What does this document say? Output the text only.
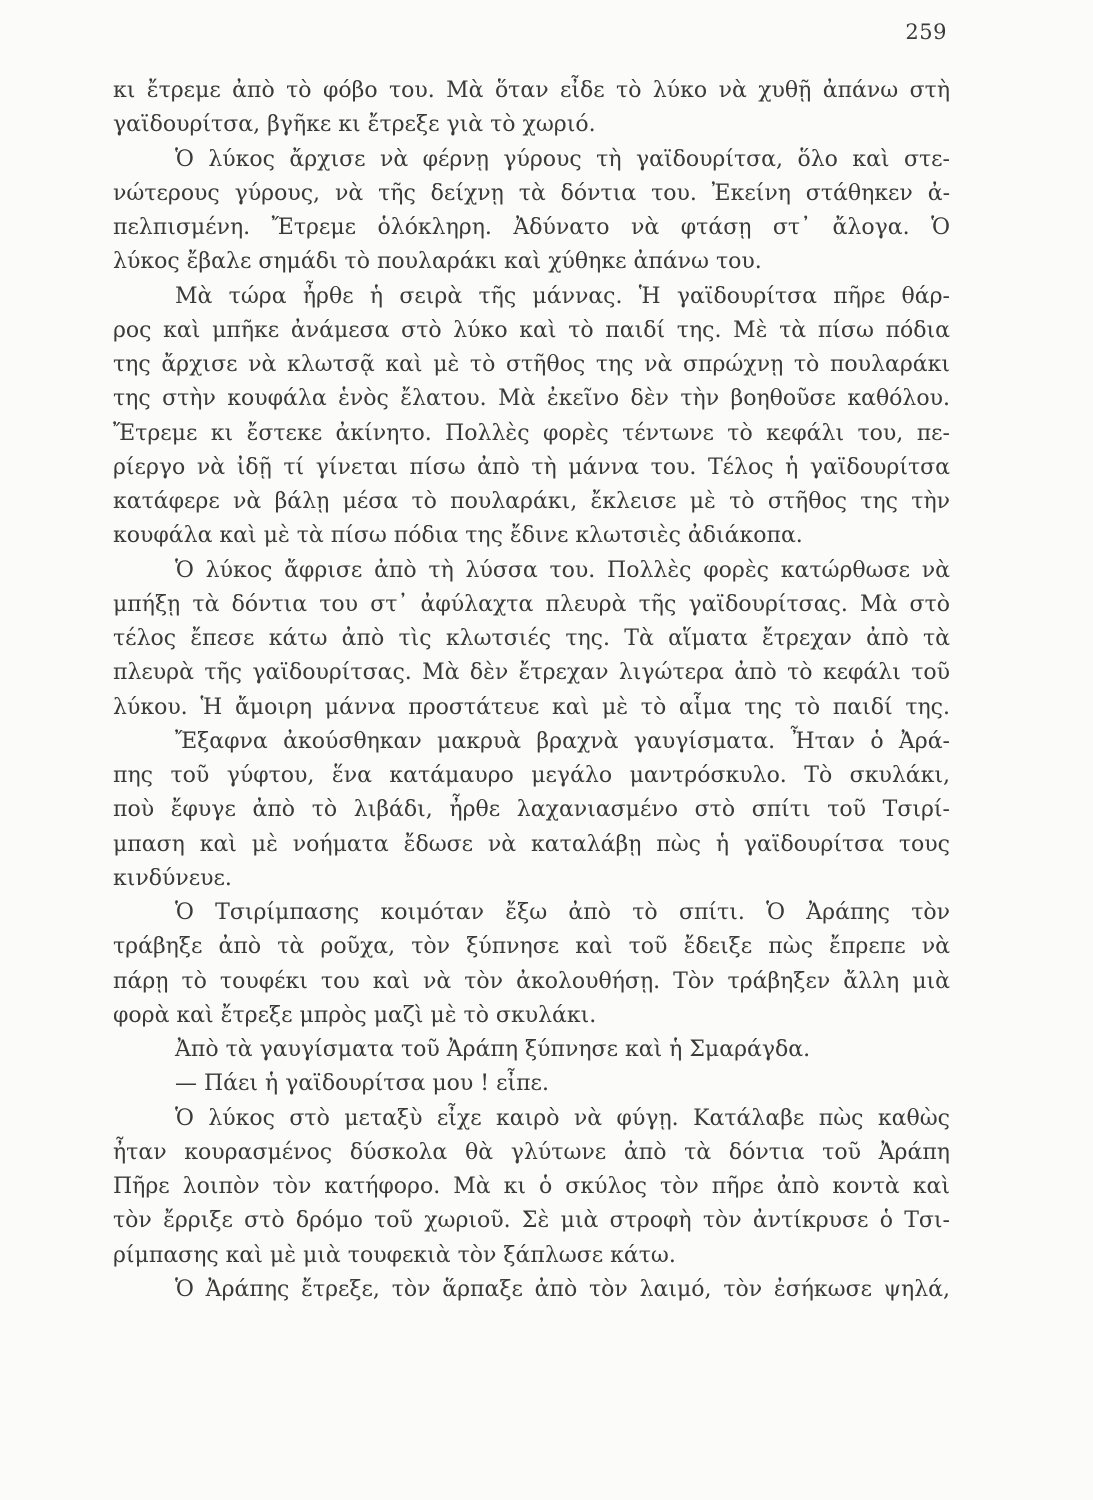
259
κι ἔτρεμε ἀπὸ τὸ φόβο του. Μὰ ὅταν εἶδε τὸ λύκο νὰ χυθῇ ἀπάνω στὴ
γαϊδουρίτσα, βγῆκε κι ἔτρεξε γιὰ τὸ χωριό.
Ὁ λύκος ἄρχισε νὰ φέρνῃ γύρους τὴ γαϊδουρίτσα, ὅλο καὶ στε-
νώτερους γύρους, νὰ τῆς δείχνῃ τὰ δόντια του. Ἐκείνη στάθηκεν ἀ-
πελπισμένη. Ἔτρεμε ὁλόκληρη. Ἀδύνατο νὰ φτάσῃ στ᾽ ἄλογα. Ὁ
λύκος ἔβαλε σημάδι τὸ πουλαράκι καὶ χύθηκε ἀπάνω του.
Μὰ τώρα ἦρθε ἡ σειρὰ τῆς μάννας. Ἡ γαϊδουρίτσα πῆρε θάρ-
ρος καὶ μπῆκε ἀνάμεσα στὸ λύκο καὶ τὸ παιδί της. Μὲ τὰ πίσω πόδια
της ἄρχισε νὰ κλωτσᾷ καὶ μὲ τὸ στῆθος της νὰ σπρώχνῃ τὸ πουλαράκι
της στὴν κουφάλα ἑνὸς ἔλατου. Μὰ ἐκεῖνο δὲν τὴν βοηθοῦσε καθόλου.
Ἔτρεμε κι ἔστεκε ἀκίνητο. Πολλὲς φορὲς τέντωνε τὸ κεφάλι του, πε-
ρίεργο νὰ ἰδῇ τί γίνεται πίσω ἀπὸ τὴ μάννα του. Τέλος ἡ γαϊδουρίτσα
κατάφερε νὰ βάλῃ μέσα τὸ πουλαράκι, ἔκλεισε μὲ τὸ στῆθος της τὴν
κουφάλα καὶ μὲ τὰ πίσω πόδια της ἔδινε κλωτσιὲς ἀδιάκοπα.
Ὁ λύκος ἄφρισε ἀπὸ τὴ λύσσα του. Πολλὲς φορὲς κατώρθωσε νὰ
μπήξῃ τὰ δόντια του στ᾽ ἀφύλαχτα πλευρὰ τῆς γαϊδουρίτσας. Μὰ στὸ
τέλος ἔπεσε κάτω ἀπὸ τὶς κλωτσιές της. Τὰ αἵματα ἔτρεχαν ἀπὸ τὰ
πλευρὰ τῆς γαϊδουρίτσας. Μὰ δὲν ἔτρεχαν λιγώτερα ἀπὸ τὸ κεφάλι τοῦ
λύκου. Ἡ ἄμοιρη μάννα προστάτευε καὶ μὲ τὸ αἷμα της τὸ παιδί της.
Ἔξαφνα ἀκούσθηκαν μακρυὰ βραχνὰ γαυγίσματα. Ἦταν ὁ Ἀρά-
πης τοῦ γύφτου, ἕνα κατάμαυρο μεγάλο μαντρόσκυλο. Τὸ σκυλάκι,
ποὺ ἔφυγε ἀπὸ τὸ λιβάδι, ἦρθε λαχανιασμένο στὸ σπίτι τοῦ Τσιρί-
μπαση καὶ μὲ νοήματα ἔδωσε νὰ καταλάβῃ πὼς ἡ γαϊδουρίτσα τους
κινδύνευε.
Ὁ Τσιρίμπασης κοιμόταν ἔξω ἀπὸ τὸ σπίτι. Ὁ Ἀράπης τὸν
τράβηξε ἀπὸ τὰ ροῦχα, τὸν ξύπνησε καὶ τοῦ ἔδειξε πὼς ἔπρεπε νὰ
πάρῃ τὸ τουφέκι του καὶ νὰ τὸν ἀκολουθήσῃ. Τὸν τράβηξεν ἄλλη μιὰ
φορὰ καὶ ἔτρεξε μπρὸς μαζὶ μὲ τὸ σκυλάκι.
Ἀπὸ τὰ γαυγίσματα τοῦ Ἀράπη ξύπνησε καὶ ἡ Σμαράγδα.
— Πάει ἡ γαϊδουρίτσα μου ! εἶπε.
Ὁ λύκος στὸ μεταξὺ εἶχε καιρὸ νὰ φύγῃ. Κατάλαβε πὼς καθὼς
ἦταν κουρασμένος δύσκολα θὰ γλύτωνε ἀπὸ τὰ δόντια τοῦ Ἀράπη
Πῆρε λοιπὸν τὸν κατήφορο. Μὰ κι ὁ σκύλος τὸν πῆρε ἀπὸ κοντὰ καὶ
τὸν ἔρριξε στὸ δρόμο τοῦ χωριοῦ. Σὲ μιὰ στροφὴ τὸν ἀντίκρυσε ὁ Τσι-
ρίμπασης καὶ μὲ μιὰ τουφεκιὰ τὸν ξάπλωσε κάτω.
Ὁ Ἀράπης ἔτρεξε, τὸν ἅρπαξε ἀπὸ τὸν λαιμό, τὸν ἐσήκωσε ψηλά,
